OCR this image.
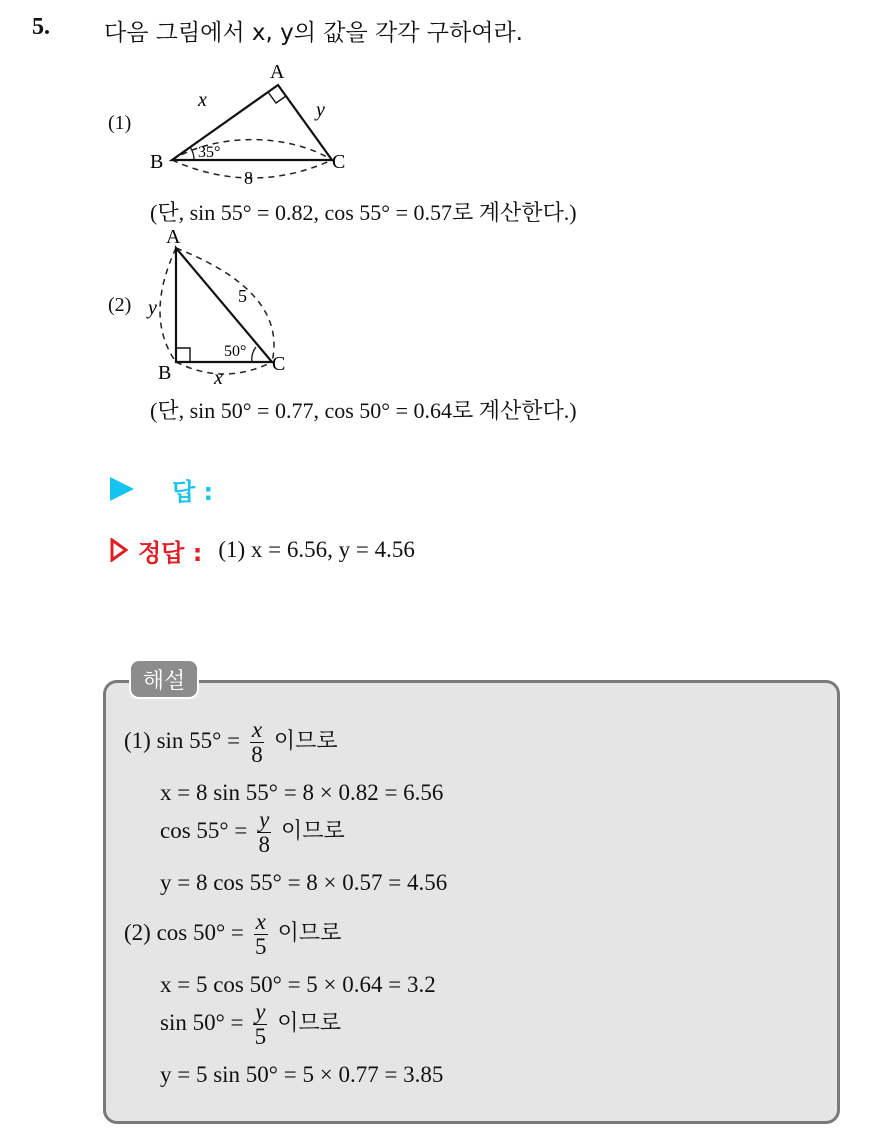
5. 다음 그림에서 x, y의 값을 각각 구하여라.
(1)
A
B	C
x	y
8
35°
(단, sin 55° = 0.82, cos 55° = 0.57로 계산한다.)
(2)
A
B	C
y
5
x
50°
(단, sin 50° = 0.77, cos 50° = 0.64로 계산한다.)
답 :
정답 : (1) x = 6.56, y = 4.56
해설
(1) $\sin 55^\circ = \frac{x}{8}$ 이므로
x = 8 sin 55° = 8 × 0.82 = 6.56
$\cos 55^\circ = \frac{y}{8}$ 이므로
y = 8 cos 55° = 8 × 0.57 = 4.56
(2) $\cos 50^\circ = \frac{x}{5}$ 이므로
x = 5 cos 50° = 5 × 0.64 = 3.2
$\sin 50^\circ = \frac{y}{5}$ 이므로
y = 5 sin 50° = 5 × 0.77 = 3.85
